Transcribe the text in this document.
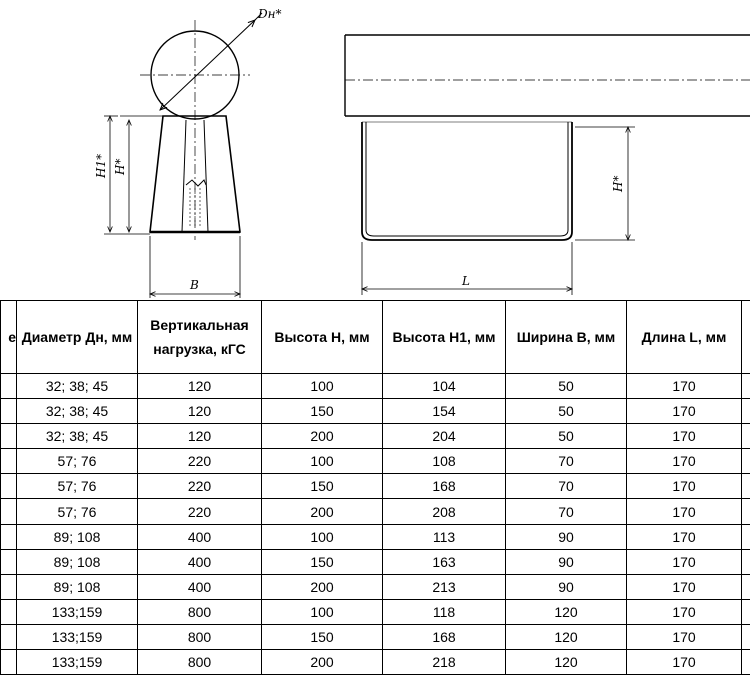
Dн*
H1* H*
B
H*
L
е	Диаметр Дн, мм	Вертикальная нагрузка, кГС	Высота Н, мм	Высота Н1, мм	Ширина В, мм	Длина L, мм	
	32; 38; 45	120	100	104	50	170	
	32; 38; 45	120	150	154	50	170	
	32; 38; 45	120	200	204	50	170	
	57; 76	220	100	108	70	170	
	57; 76	220	150	168	70	170	
	57; 76	220	200	208	70	170	
	89; 108	400	100	113	90	170	
	89; 108	400	150	163	90	170	
	89; 108	400	200	213	90	170	
	133;159	800	100	118	120	170	
	133;159	800	150	168	120	170	
	133;159	800	200	218	120	170	
